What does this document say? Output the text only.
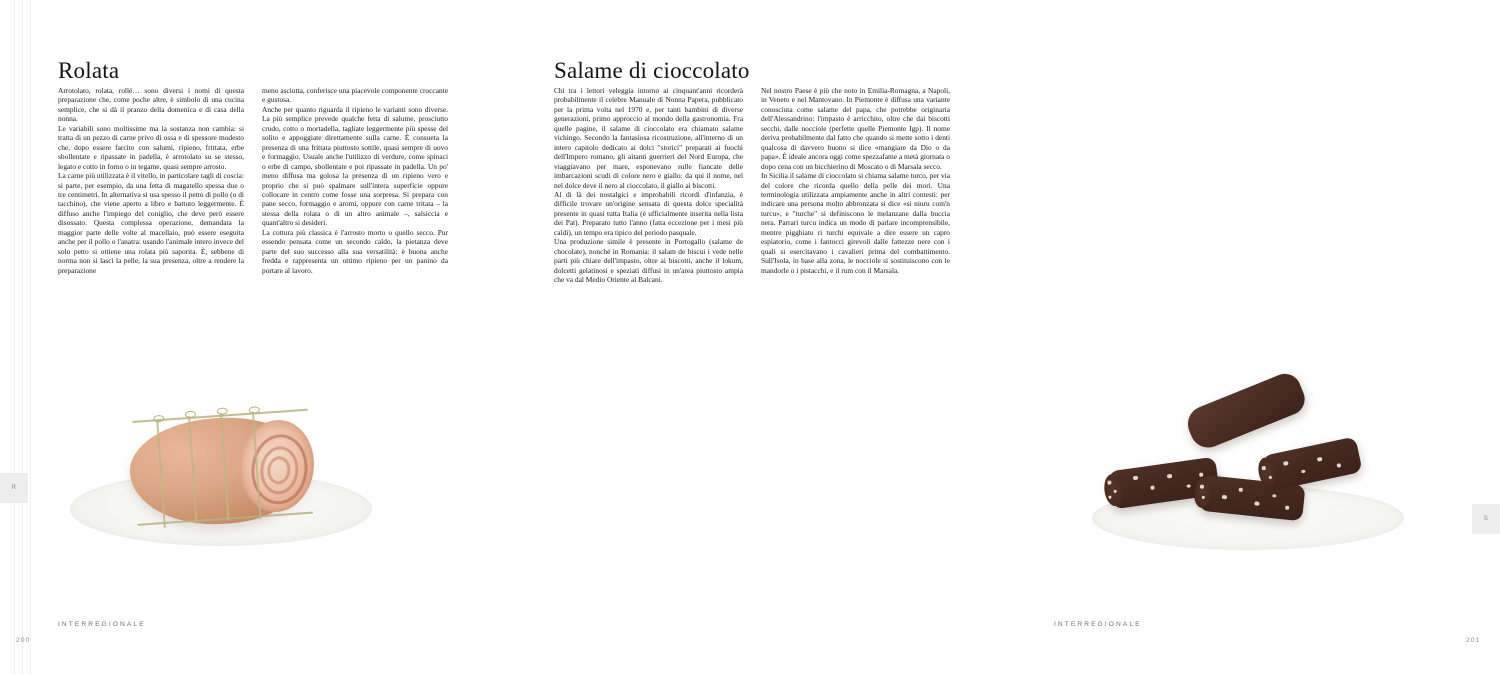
R
Rolata

Arrotolato, rolata, rollé… sono diversi i nomi di questa preparazione che, come poche altre, è simbolo di una cucina semplice, che si dà il pranzo della domenica e di casa della nonna.

Le variabili sono moltissime ma la sostanza non cambia: si tratta di un pezzo di carne privo di ossa e di spessore modesto che, dopo essere farcito con salumi, ripieno, frittata, erbe sbollentate e ripassate in padella, è arrotolato su se stesso, legato e cotto in forno o in tegame, quasi sempre arrosto.

La carne più utilizzata è il vitello, in particolare tagli di coscia: si parte, per esempio, da una fetta di magatello spessa due o tre centimetri. In alternativa si usa spesso il petto di pollo (o di tacchino), che viene aperto a libro e battuto leggermente. È diffuso anche l'impiego del coniglio, che deve però essere disossato. Questa complessa operazione, demandata la maggior parte delle volte al macellaio, può essere eseguita anche per il pollo o l'anatra: usando l'animale intero invece del solo petto si ottiene una rolata più saporita. È, sebbene di norma non si lasci la pelle, la sua presenza, oltre a rendere la preparazione

meno asciutta, conferisce una piacevole componente croccante e gustosa.

Anche per quanto riguarda il ripieno le varianti sono diverse. La più semplice prevede qualche fetta di salume, prosciutto crudo, cotto o mortadella, tagliate leggermente più spesse del solito e appoggiate direttamente sulla carne. È consueta la presenza di una frittata piuttosto sottile, quasi sempre di uovo e formaggio. Usuale anche l'utilizzo di verdure, come spinaci o erbe di campo, sbollentate e poi ripassate in padella. Un po' meno diffusa ma golosa la presenza di un ripieno vero e proprio che si può spalmare sull'intera superficie oppure collocare in centro come fosse una sorpresa. Si prepara con pane secco, formaggio e aromi, oppure con carne tritata – la stessa della rolata o di un altro animale –, salsiccia e quant'altro si desideri.

La cottura più classica è l'arrosto morto o quello secco. Pur essendo pensata come un secondo caldo, la pietanza deve parte del suo successo alla sua versatilità: è buona anche fredda e rappresenta un ottimo ripieno per un panino da portare al lavoro.

INTERREGIONALE
200
Salame di cioccolato

Chi tra i lettori veleggia intorno ai cinquant'anni ricorderà probabilmente il celebre Manuale di Nonna Papera, pubblicato per la prima volta nel 1970 e, per tanti bambini di diverse generazioni, primo approccio al mondo della gastronomia. Fra quelle pagine, il salame di cioccolato era chiamato salame vichingo. Secondo la fantasiosa ricostruzione, all'interno di un intero capitolo dedicato ai dolci "storici" preparati ai fuochi dell'Impero romano, gli aitanti guerrieri del Nord Europa, che viaggiavano per mare, esponevano sulle fiancate delle imbarcazioni scudi di colore nero e giallo: da qui il nome, nel nel dolce deve il nero al cioccolato, il giallo ai biscotti.

Al di là dei nostalgici e improbabili ricordi d'infanzia, è difficile trovare un'origine sensata di questa dolce specialità presente in quasi tutta Italia (è ufficialmente inserita nella lista dei Pat). Preparato tutto l'anno (fatta eccezione per i mesi più caldi), un tempo era tipico del periodo pasquale.

Una produzione simile è presente in Portogallo (salame de chocolate), nonché in Romania: il salam de biscui i vede nelle parti più chiare dell'impasto, oltre ai biscotti, anche il lokum, dolcetti gelatinosi e speziati diffusi in un'area piuttosto ampia che va dal Medio Oriente al Balcani.

Nel nostro Paese è più che noto in Emilia-Romagna, a Napoli, in Veneto e nel Mantovano. In Piemonte è diffusa una variante conosciuta come salame del papa, che potrebbe originaria dell'Alessandrino: l'impasto è arricchito, oltre che dai biscotti secchi, dalle nocciole (perfette quelle Piemonte Igp). Il nome deriva probabilmente dal fatto che quando si mette sotto i denti qualcosa di davvero buono si dice «mangiare da Dio o da papa». È ideale ancora oggi come spezzafame a metà giornata o dopo cena con un bicchierino di Moscato o di Marsala secco.

In Sicilia il salame di cioccolato si chiama salame turco, per via del colore che ricorda quello della pelle dei mori. Una terminologia utilizzata ampiamente anche in altri contesti: per indicare una persona molto abbronzata si dice «si niuru com'n turcu», e "turche" si definiscono le melanzane dalla buccia nera. Parrari turcu indica un modo di parlare incomprensibile, mentre pigghiatu ri turchi equivale a dire essere un capro espiatorio, come i fantocci girevoli dalle fattezze nere con i quali si esercitavano i cavalieri prima del combattimento. Sull'Isola, in base alla zona, le nocciole si sostituiscono con le mandorle o i pistacchi, e il rum con il Marsala.

S
INTERREGIONALE
201
